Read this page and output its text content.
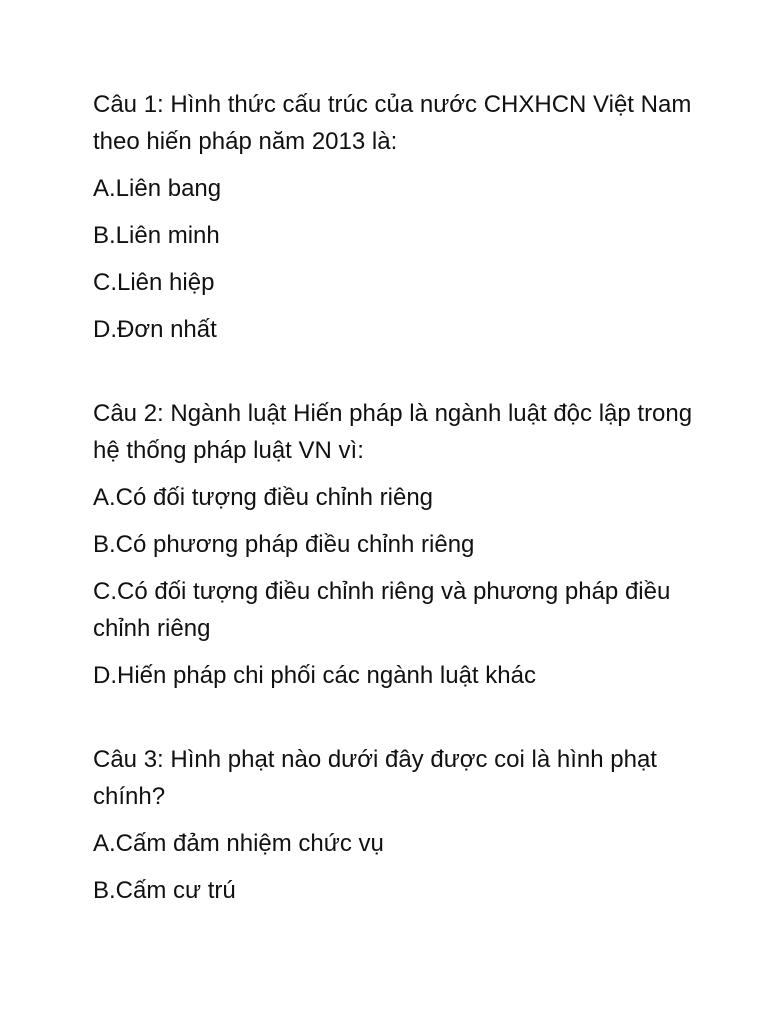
Câu 1: Hình thức cấu trúc của nước CHXHCN Việt Nam theo hiến pháp năm 2013 là:

A.Liên bang

B.Liên minh

C.Liên hiệp

D.Đơn nhất

Câu 2: Ngành luật Hiến pháp là ngành luật độc lập trong hệ thống pháp luật VN vì:

A.Có đối tượng điều chỉnh riêng

B.Có phương pháp điều chỉnh riêng

C.Có đối tượng điều chỉnh riêng và phương pháp điều chỉnh riêng

D.Hiến pháp chi phối các ngành luật khác

Câu 3: Hình phạt nào dưới đây được coi là hình phạt chính?

A.Cấm đảm nhiệm chức vụ

B.Cấm cư trú
